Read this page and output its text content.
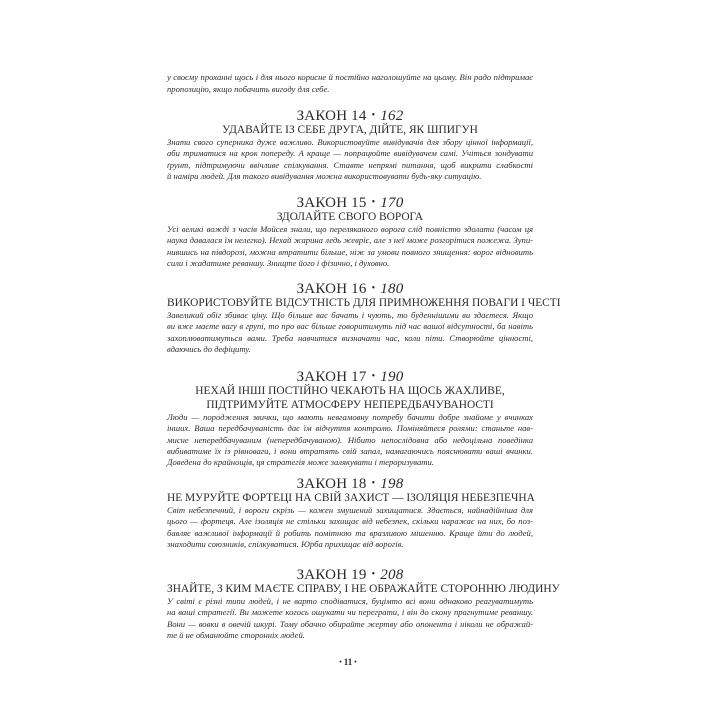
у своєму проханні щось і для нього корисне й постійно наголошуйте на цьому. Він радо підтримає
пропозицію, якщо побачить вигоду для себе.
ЗАКОН 14 • 162
УДАВАЙТЕ ІЗ СЕБЕ ДРУГА, ДІЙТЕ, ЯК ШПИГУН
Знати свого суперника дуже важливо. Використовуйте вивідувачів для збору цінної інформації,
аби триматися на крок попереду. А краще — попрацюйте вивідувачем самі. Учіться зондувати
ґрунт, підтримуючи ввічливе спілкування. Ставте непрямі питання, щоб викрити слабкості
й наміри людей. Для такого вивідування можна використовувати будь-яку ситуацію.
ЗАКОН 15 • 170
ЗДОЛАЙТЕ СВОГО ВОРОГА
Усі великі вожді з часів Мойсея знали, що переляканого ворога слід повністю здолати (часом ця
наука давалася їм нелегко). Нехай жарина ледь жевріє, але з неї може розгорітися пожежа. Зупи-
нившись на півдорозі, можна втратити більше, ніж за умови повного знищення: ворог відновить
сили і жадатиме реваншу. Знищте його і фізично, і духовно.
ЗАКОН 16 • 180
ВИКОРИСТОВУЙТЕ ВІДСУТНІСТЬ ДЛЯ ПРИМНОЖЕННЯ ПОВАГИ І ЧЕСТІ
Завеликий обіг збиває ціну. Що більше вас бачать і чують, то буденнішими ви здаєтеся. Якщо
ви вже маєте вагу в групі, то про вас більше говоритимуть під час вашої відсутності, ба навіть
захоплюватимуться вами. Треба навчитися визначати час, коли піти. Створюйте цінності,
вдаючись до дефіциту.
ЗАКОН 17 • 190
НЕХАЙ ІНШІ ПОСТІЙНО ЧЕКАЮТЬ НА ЩОСЬ ЖАХЛИВЕ,
ПІДТРИМУЙТЕ АТМОСФЕРУ НЕПЕРЕДБАЧУВАНОСТІ
Люди — породження звички, що мають невгамовну потребу бачити добре знайоме у вчинках
інших. Ваша передбачуваність дає їм відчуття контролю. Поміняйтеся ролями: станьте нав-
мисне непередбачуваним (непередбачуваною). Нібито непослідовна або недоцільна поведінка
вибиватиме їх із рівноваги, і вони втратять свій запал, намагаючись пояснювати ваші вчинки.
Доведена до крайнощів, ця стратегія може залякувати і тероризувати.
ЗАКОН 18 • 198
НЕ МУРУЙТЕ ФОРТЕЦІ НА СВІЙ ЗАХИСТ — ІЗОЛЯЦІЯ НЕБЕЗПЕЧНА
Світ небезпечний, і вороги скрізь — кожен змушений захищатися. Здається, найнадійніша для
цього — фортеця. Але ізоляція не стільки захищає від небезпек, скільки наражає на них, бо поз-
бавляє важливої інформації й робить помітною та вразливою мішенню. Краще йти до людей,
знаходити союзників, спілкуватися. Юрба прихищає від ворогів.
ЗАКОН 19 • 208
ЗНАЙТЕ, З КИМ МАЄТЕ СПРАВУ, І НЕ ОБРАЖАЙТЕ СТОРОННЮ ЛЮДИНУ
У світі є різні типи людей, і не варто сподіватися, буцімто всі вони однаково реагуватимуть
на ваші стратегії. Ви можете когось ошукати чи переграти, і він до скону прагнутиме реваншу.
Вони — вовки в овечій шкурі. Тому обачно обирайте жертву або опонента і ніколи не ображай-
те й не обманюйте сторонніх людей.
• 11 •
